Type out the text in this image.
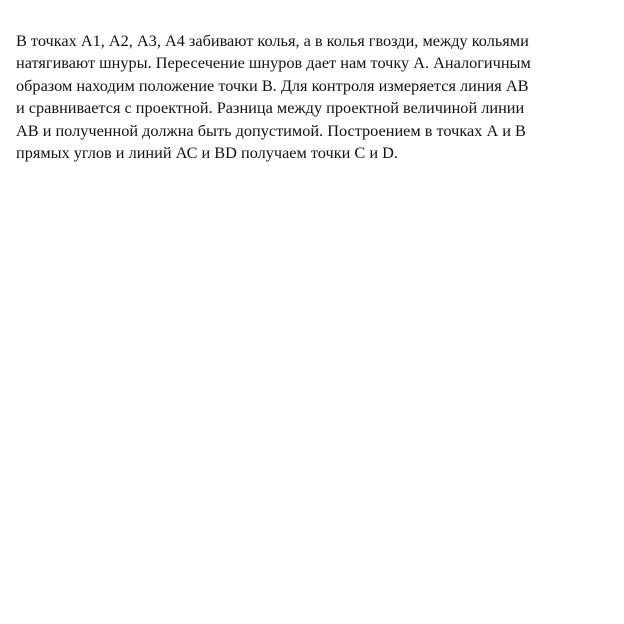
В точках А1, А2, А3, А4 забивают колья, а в колья гвозди, между кольями
натягивают шнуры. Пересечение шнуров дает нам точку А. Аналогичным
образом находим положение точки В. Для контроля измеряется линия АВ
и сравнивается с проектной. Разница между проектной величиной линии
АВ и полученной должна быть допустимой. Построением в точках А и В
прямых углов и линий АС и BD получаем точки С и D.
